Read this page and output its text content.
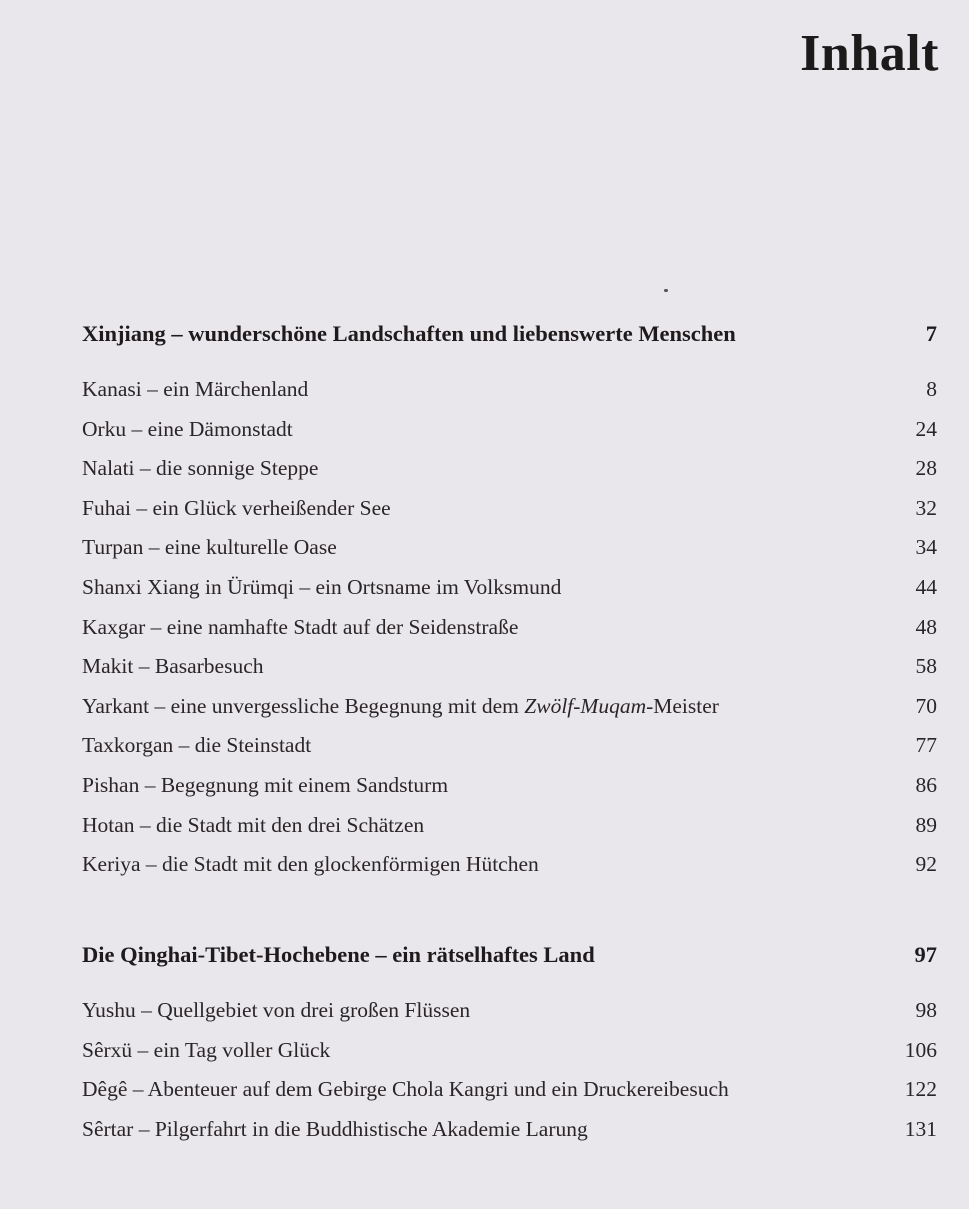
Inhalt
Xinjiang – wunderschöne Landschaften und liebenswerte Menschen	7
Kanasi – ein Märchenland	8
Orku – eine Dämonstadt	24
Nalati – die sonnige Steppe	28
Fuhai – ein Glück verheißender See	32
Turpan – eine kulturelle Oase	34
Shanxi Xiang in Ürümqi – ein Ortsname im Volksmund	44
Kaxgar – eine namhafte Stadt auf der Seidenstraße	48
Makit – Basarbesuch	58
Yarkant – eine unvergessliche Begegnung mit dem Zwölf-Muqam-Meister	70
Taxkorgan – die Steinstadt	77
Pishan – Begegnung mit einem Sandsturm	86
Hotan – die Stadt mit den drei Schätzen	89
Keriya – die Stadt mit den glockenförmigen Hütchen	92
Die Qinghai-Tibet-Hochebene – ein rätselhaftes Land	97
Yushu – Quellgebiet von drei großen Flüssen	98
Sêrxü – ein Tag voller Glück	106
Dêgê – Abenteuer auf dem Gebirge Chola Kangri und ein Druckereibesuch	122
Sêrtar – Pilgerfahrt in die Buddhistische Akademie Larung	131
